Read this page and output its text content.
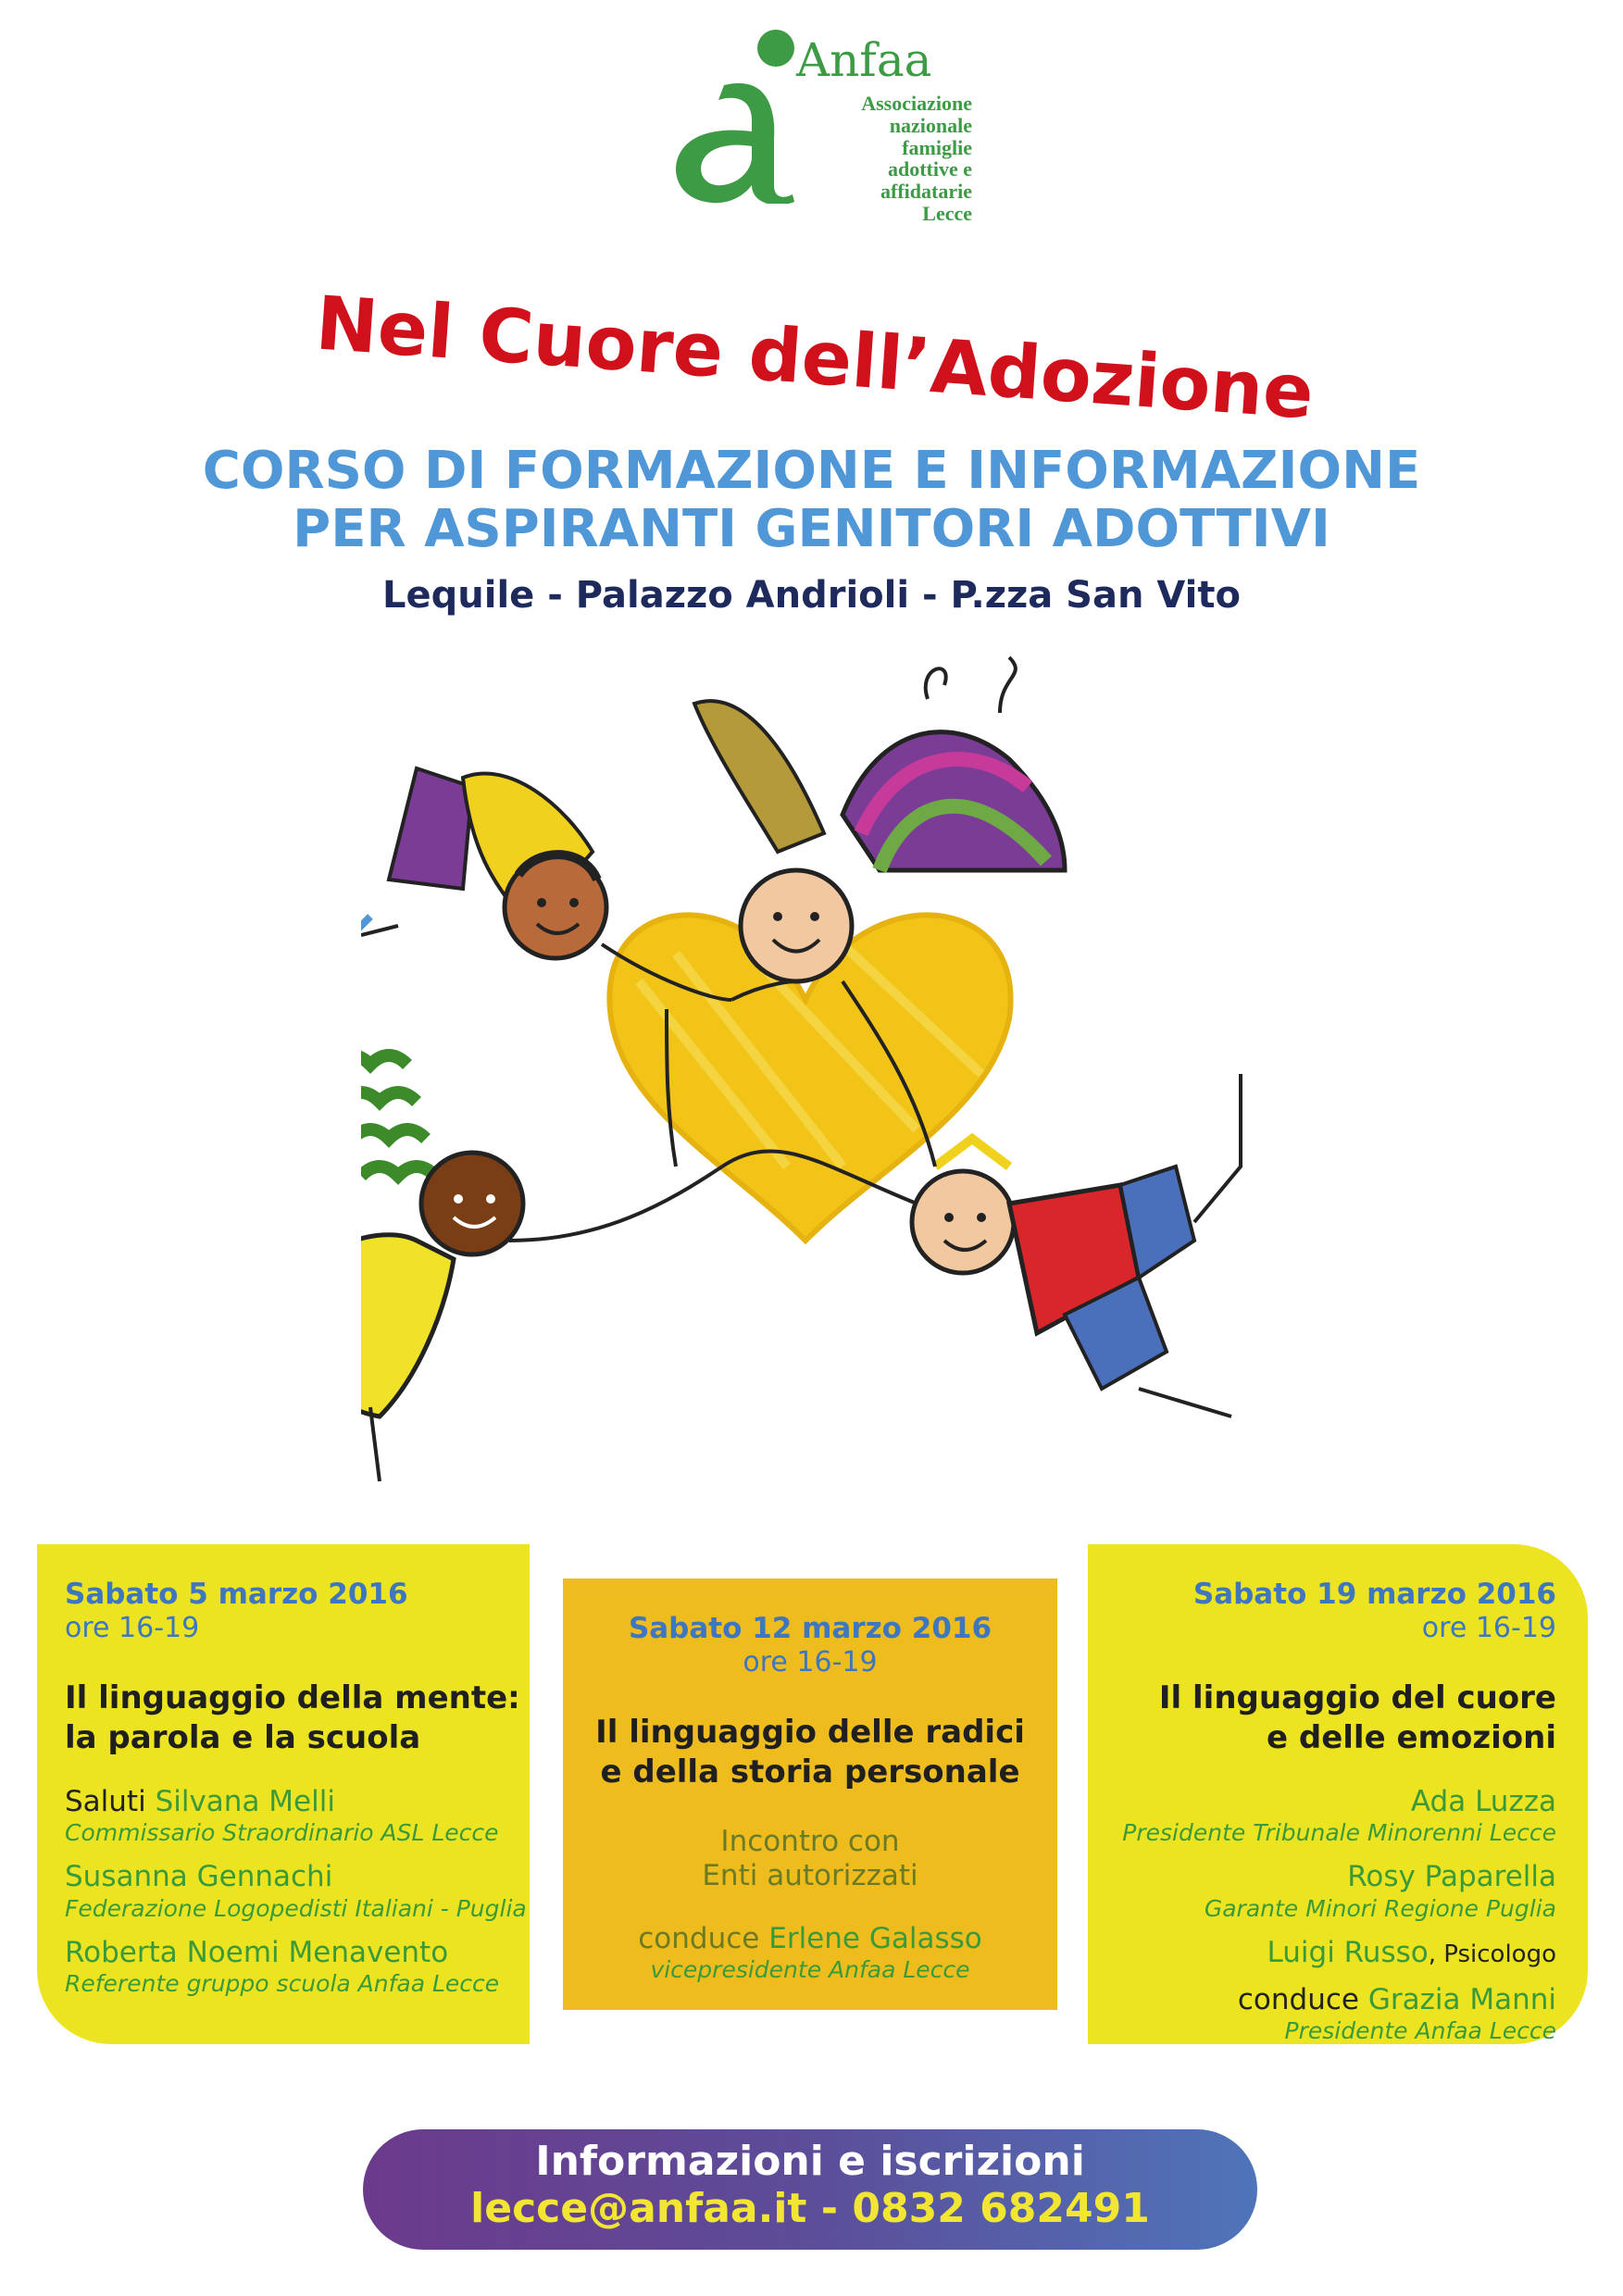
Anfaa
Associazione
nazionale
famiglie
adottive e
affidatarie
Lecce
Nel Cuore dell’Adozione
CORSO DI FORMAZIONE E INFORMAZIONE
PER ASPIRANTI GENITORI ADOTTIVI
Lequile - Palazzo Andrioli - P.zza San Vito
Sabato 5 marzo 2016
ore 16-19
Il linguaggio della mente:
la parola e la scuola
Saluti Silvana Melli
Commissario Straordinario ASL Lecce
Susanna Gennachi
Federazione Logopedisti Italiani - Puglia
Roberta Noemi Menavento
Referente gruppo scuola Anfaa Lecce
Sabato 12 marzo 2016
ore 16-19
Il linguaggio delle radici
e della storia personale
Incontro con
Enti autorizzati
conduce Erlene Galasso
vicepresidente Anfaa Lecce
Sabato 19 marzo 2016
ore 16-19
Il linguaggio del cuore
e delle emozioni
Ada Luzza
Presidente Tribunale Minorenni Lecce
Rosy Paparella
Garante Minori Regione Puglia
Luigi Russo, Psicologo
conduce Grazia Manni
Presidente Anfaa Lecce
Informazioni e iscrizioni
lecce@anfaa.it - 0832 682491
